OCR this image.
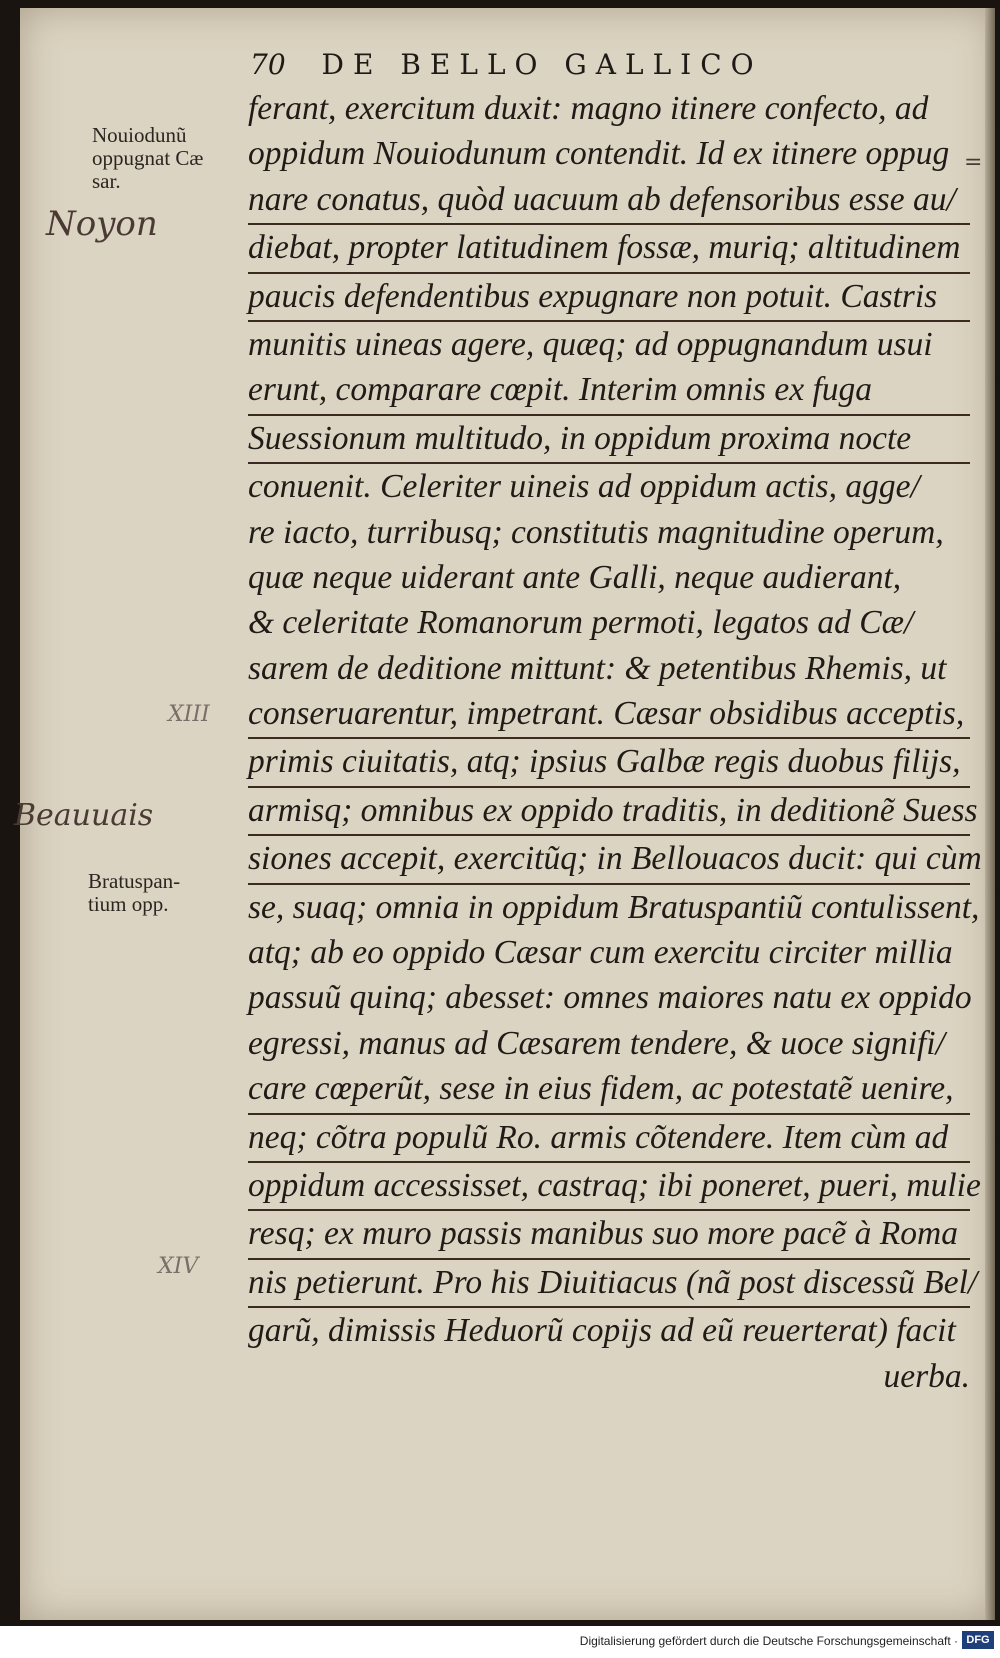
70 DE BELLO GALLICO
Nouiodunũ
oppugnat Cæ
sar.
Noyon
XIII
Beauuais
Bratuspan-
tium opp.
XIV
=
ferant, exercitum duxit: magno itinere confecto, ad
oppidum Nouiodunum contendit. Id ex itinere oppug
nare conatus, quòd uacuum ab defensoribus esse au/
diebat, propter latitudinem fossæ, muriq; altitudinem
paucis defendentibus expugnare non potuit. Castris
munitis uineas agere, quæq; ad oppugnandum usui
erunt, comparare cœpit. Interim omnis ex fuga
Suessionum multitudo, in oppidum proxima nocte
conuenit. Celeriter uineis ad oppidum actis, agge/
re iacto, turribusq; constitutis magnitudine operum,
quæ neque uiderant ante Galli, neque audierant,
& celeritate Romanorum permoti, legatos ad Cæ/
sarem de deditione mittunt: & petentibus Rhemis, ut
conseruarentur, impetrant. Cæsar obsidibus acceptis,
primis ciuitatis, atq; ipsius Galbæ regis duobus filijs,
armisq; omnibus ex oppido traditis, in deditionẽ Suess
siones accepit, exercitũq; in Bellouacos ducit: qui cùm
se, suaq; omnia in oppidum Bratuspantiũ contulissent,
atq; ab eo oppido Cæsar cum exercitu circiter millia
passuũ quinq; abesset: omnes maiores natu ex oppido
egressi, manus ad Cæsarem tendere, & uoce signifi/
care cœperũt, sese in eius fidem, ac potestatẽ uenire,
neq; cõtra populũ Ro. armis cõtendere. Item cùm ad
oppidum accessisset, castraq; ibi poneret, pueri, mulie
resq; ex muro passis manibus suo more pacẽ à Roma
nis petierunt. Pro his Diuitiacus (nã post discessũ Bel/
garũ, dimissis Heduorũ copijs ad eũ reuerterat) facit
uerba.
Digitalisierung gefördert durch die Deutsche Forschungsgemeinschaft · DFG
